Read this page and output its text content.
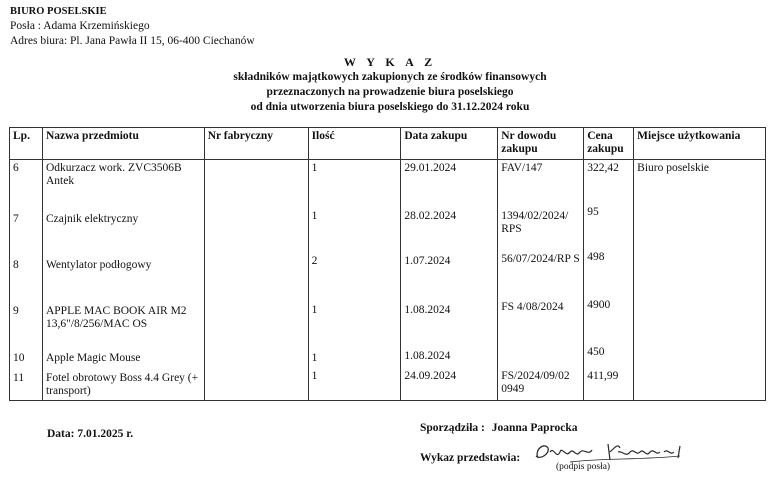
BIURO POSELSKIE
Posła : Adama Krzemińskiego
Adres biura: Pl. Jana Pawła II 15, 06-400 Ciechanów
W Y K A Z
składników majątkowych zakupionych ze środków finansowych
przeznaczonych na prowadzenie biura poselskiego
od dnia utworzenia biura poselskiego do 31.12.2024 roku
Lp.	Nazwa przedmiotu	Nr fabryczny	Ilość	Data zakupu	Nr dowodu zakupu	Cena zakupu	Miejsce użytkowania
6	Odkurzacz work. ZVC3506B Antek		1	29.01.2024	FAV/147	322,42	Biuro poselskie

7	Czajnik elektryczny		1	28.02.2024	1394/02/2024/ RPS	95	

8	Wentylator podłogowy		2	1.07.2024	56/07/2024/RP S	498	

9	APPLE MAC BOOK AIR M2 13,6"/8/256/MAC OS		1	1.08.2024	FS 4/08/2024	4900	

10	Apple Magic Mouse		1	1.08.2024		450	

11	Fotel obrotowy Boss 4.4 Grey (+ transport)		1	24.09.2024	FS/2024/09/02 0949	411,99	
Data: 7.01.2025 r.	Sporządziła : Joanna Paprocka
Wykaz przedstawia:
(podpis posła)
